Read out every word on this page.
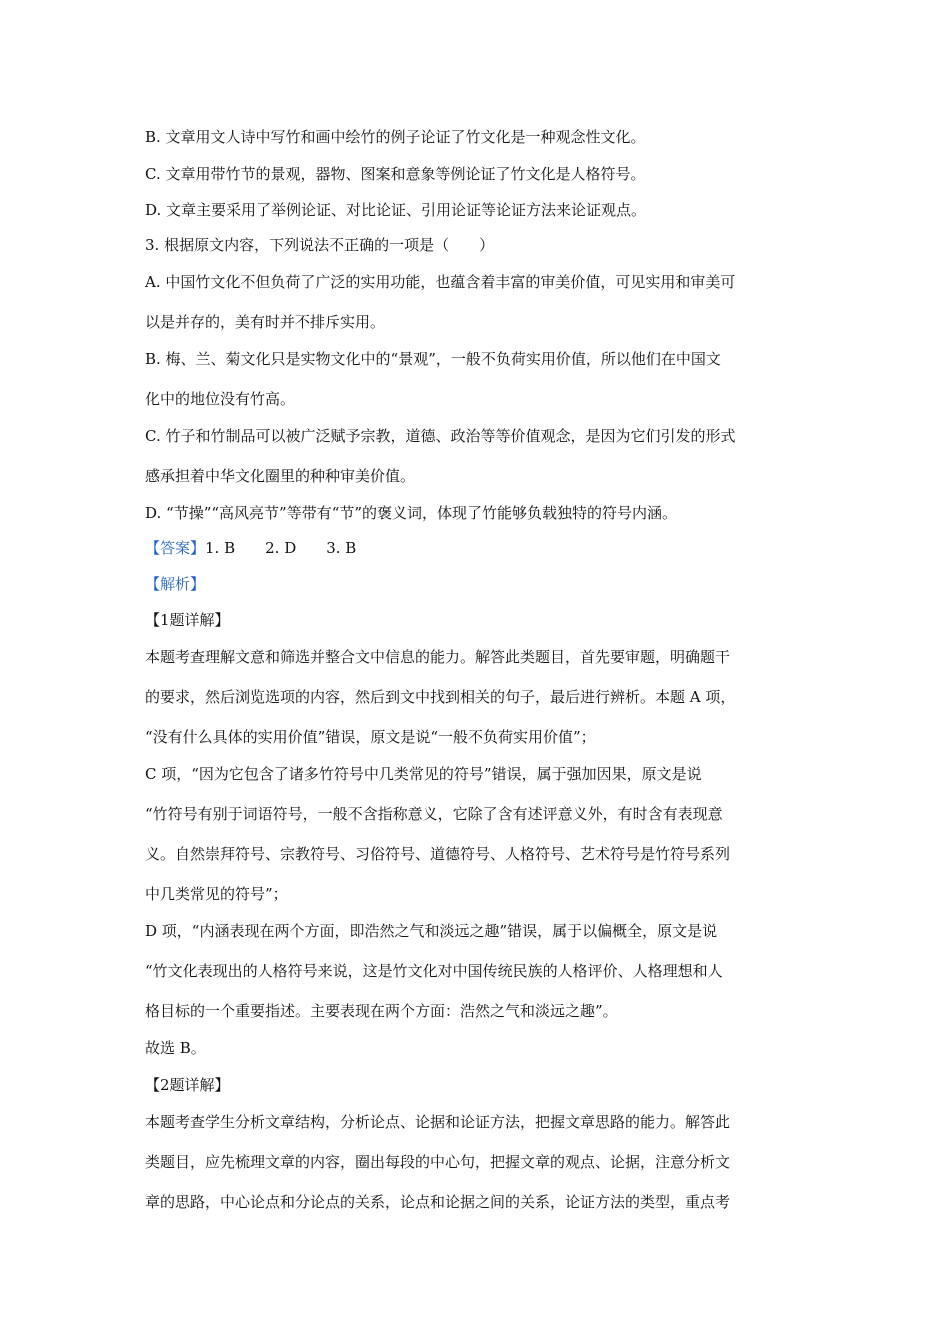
B. 文章用文人诗中写竹和画中绘竹的例子论证了竹文化是一种观念性文化。
C. 文章用带竹节的景观，器物、图案和意象等例论证了竹文化是人格符号。
D. 文章主要采用了举例论证、对比论证、引用论证等论证方法来论证观点。
3. 根据原文内容，下列说法不正确的一项是（　　）
A. 中国竹文化不但负荷了广泛的实用功能，也蕴含着丰富的审美价值，可见实用和审美可
以是并存的，美有时并不排斥实用。
B. 梅、兰、菊文化只是实物文化中的“景观”，一般不负荷实用价值，所以他们在中国文
化中的地位没有竹高。
C. 竹子和竹制品可以被广泛赋予宗教，道德、政治等等价值观念，是因为它们引发的形式
感承担着中华文化圈里的种种审美价值。
D. “节操”“高风亮节”等带有“节”的褒义词，体现了竹能够负载独特的符号内涵。
【答案】1. B　　2. D　　3. B
【解析】
【1题详解】
本题考查理解文意和筛选并整合文中信息的能力。解答此类题目，首先要审题，明确题干
的要求，然后浏览选项的内容，然后到文中找到相关的句子，最后进行辨析。本题 A 项，
“没有什么具体的实用价值”错误，原文是说“一般不负荷实用价值”；
C 项，“因为它包含了诸多竹符号中几类常见的符号”错误，属于强加因果，原文是说
“竹符号有别于词语符号，一般不含指称意义，它除了含有述评意义外，有时含有表现意
义。自然崇拜符号、宗教符号、习俗符号、道德符号、人格符号、艺术符号是竹符号系列
中几类常见的符号”；
D 项，“内涵表现在两个方面，即浩然之气和淡远之趣”错误，属于以偏概全，原文是说
“竹文化表现出的人格符号来说，这是竹文化对中国传统民族的人格评价、人格理想和人
格目标的一个重要指述。主要表现在两个方面：浩然之气和淡远之趣”。
故选 B。
【2题详解】
本题考查学生分析文章结构，分析论点、论据和论证方法，把握文章思路的能力。解答此
类题目，应先梳理文章的内容，圈出每段的中心句，把握文章的观点、论据，注意分析文
章的思路，中心论点和分论点的关系，论点和论据之间的关系，论证方法的类型，重点考
